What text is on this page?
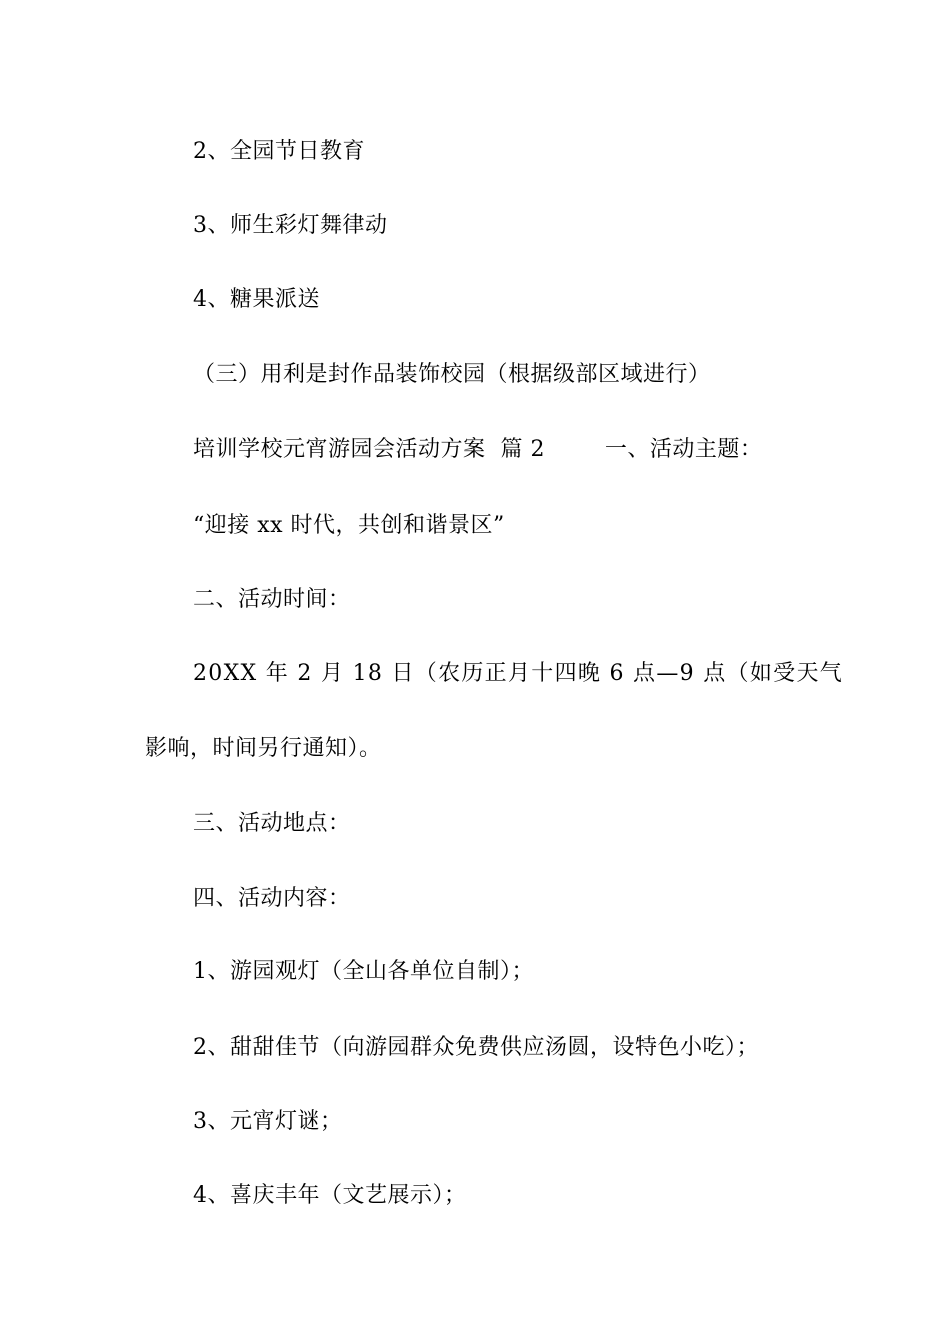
2、全园节日教育
3、师生彩灯舞律动
4、糖果派送
（三）用利是封作品装饰校园（根据级部区域进行）
培训学校元宵游园会活动方案  篇 2        一、活动主题：
“迎接 xx 时代，共创和谐景区”
二、活动时间：
20XX 年 2 月 18 日（农历正月十四晚 6 点—9 点（如受天气
影响，时间另行通知）。
三、活动地点：
四、活动内容：
1、游园观灯（全山各单位自制）；
2、甜甜佳节（向游园群众免费供应汤圆，设特色小吃）；
3、元宵灯谜；
4、喜庆丰年（文艺展示）；
